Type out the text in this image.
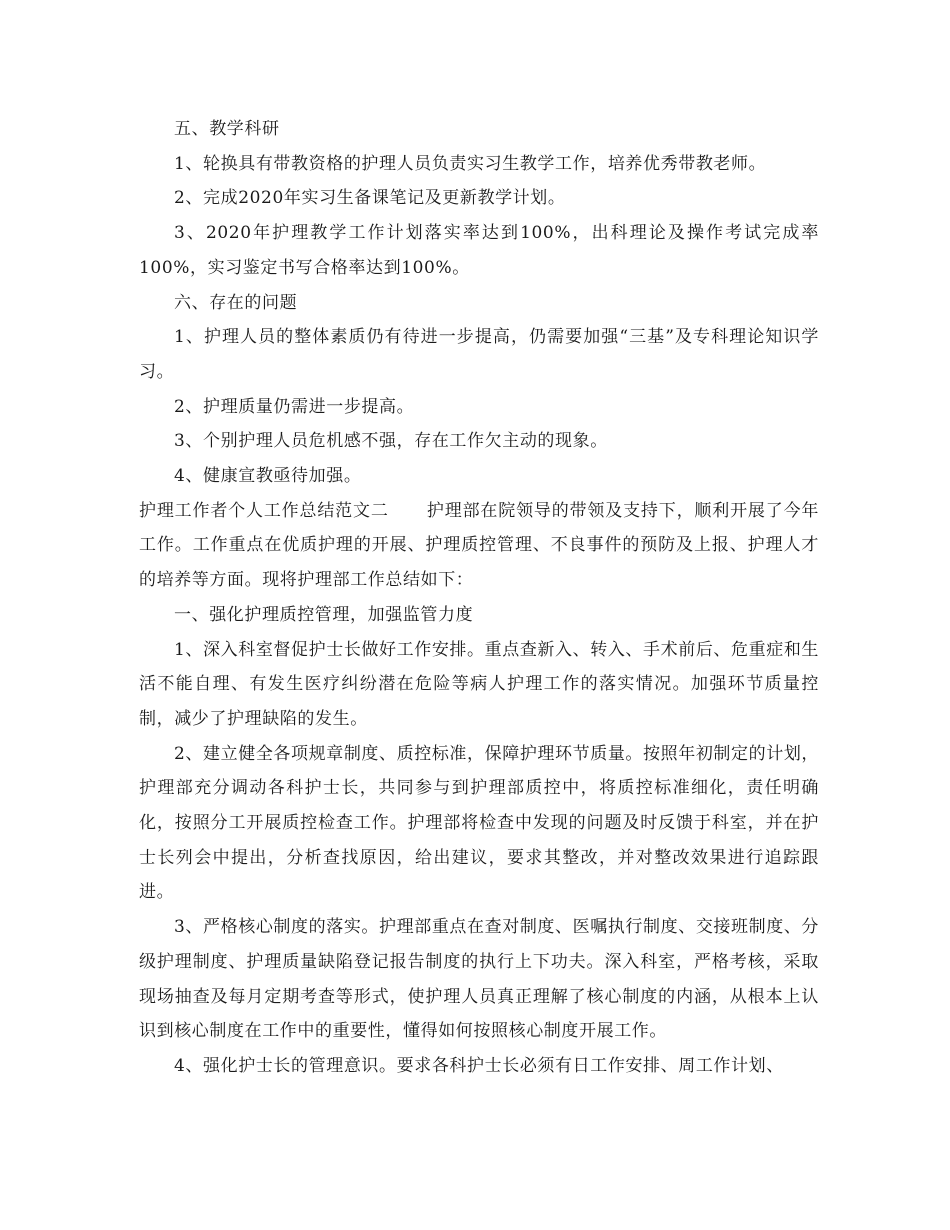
五、教学科研

1、轮换具有带教资格的护理人员负责实习生教学工作，培养优秀带教老师。

2、完成2020年实习生备课笔记及更新教学计划。

3、2020年护理教学工作计划落实率达到100%，出科理论及操作考试完成率100%，实习鉴定书写合格率达到100%。

六、存在的问题

1、护理人员的整体素质仍有待进一步提高，仍需要加强“三基”及专科理论知识学习。

2、护理质量仍需进一步提高。

3、个别护理人员危机感不强，存在工作欠主动的现象。

4、健康宣教亟待加强。

护理工作者个人工作总结范文二 护理部在院领导的带领及支持下，顺利开展了今年工作。工作重点在优质护理的开展、护理质控管理、不良事件的预防及上报、护理人才的培养等方面。现将护理部工作总结如下：

一、强化护理质控管理，加强监管力度

1、深入科室督促护士长做好工作安排。重点查新入、转入、手术前后、危重症和生活不能自理、有发生医疗纠纷潜在危险等病人护理工作的落实情况。加强环节质量控制，减少了护理缺陷的发生。

2、建立健全各项规章制度、质控标准，保障护理环节质量。按照年初制定的计划，护理部充分调动各科护士长，共同参与到护理部质控中，将质控标准细化，责任明确化，按照分工开展质控检查工作。护理部将检查中发现的问题及时反馈于科室，并在护士长列会中提出，分析查找原因，给出建议，要求其整改，并对整改效果进行追踪跟进。

3、严格核心制度的落实。护理部重点在查对制度、医嘱执行制度、交接班制度、分级护理制度、护理质量缺陷登记报告制度的执行上下功夫。深入科室，严格考核，采取现场抽查及每月定期考查等形式，使护理人员真正理解了核心制度的内涵，从根本上认识到核心制度在工作中的重要性，懂得如何按照核心制度开展工作。

4、强化护士长的管理意识。要求各科护士长必须有日工作安排、周工作计划、
